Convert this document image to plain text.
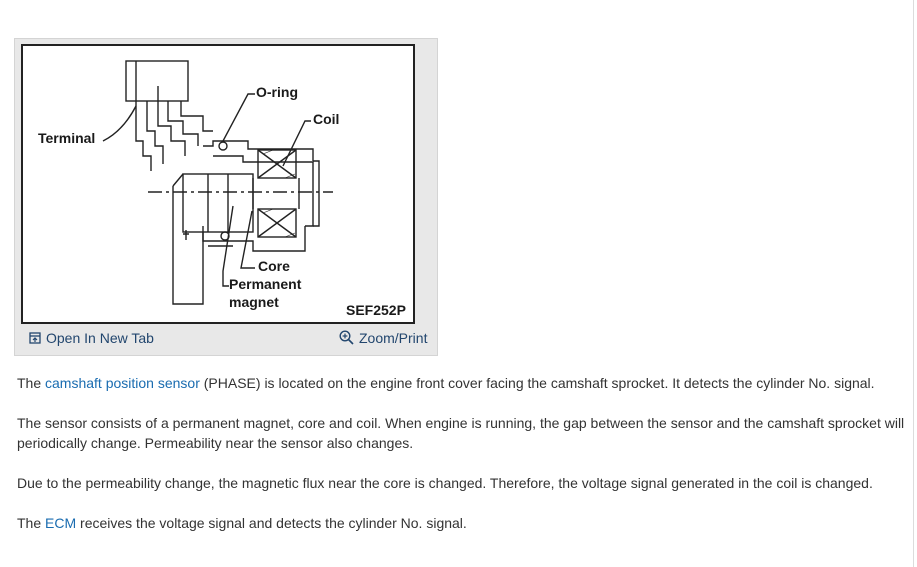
Terminal
O-ring
Coil
Core
Permanent
magnet	SEF252P
Open In New Tab	Zoom/Print

The camshaft position sensor (PHASE) is located on the engine front cover facing the camshaft sprocket. It detects the cylinder No. signal.

The sensor consists of a permanent magnet, core and coil. When engine is running, the gap between the sensor and the camshaft sprocket will periodically change. Permeability near the sensor also changes.

Due to the permeability change, the magnetic flux near the core is changed. Therefore, the voltage signal generated in the coil is changed.

The ECM receives the voltage signal and detects the cylinder No. signal.
